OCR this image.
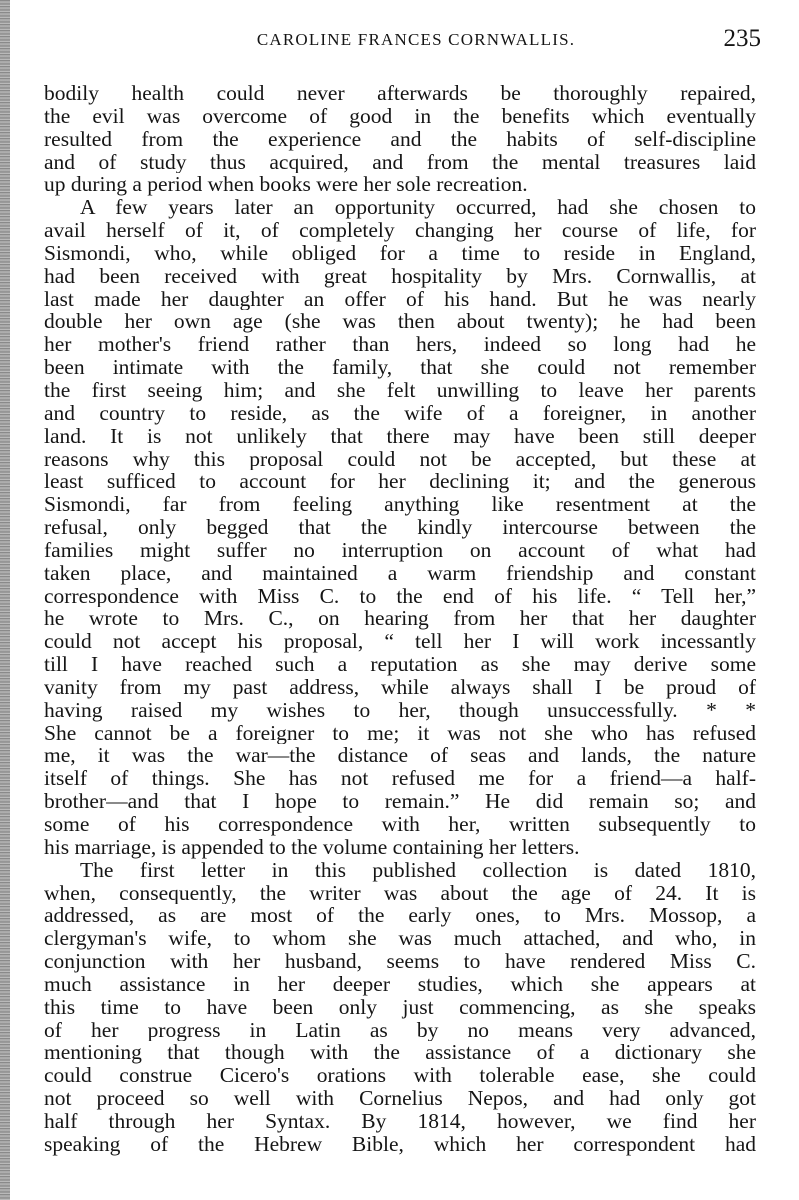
CAROLINE FRANCES CORNWALLIS.	235
bodily health could never afterwards be thoroughly repaired,
the evil was overcome of good in the benefits which eventually
resulted from the experience and the habits of self-discipline
and of study thus acquired, and from the mental treasures laid
up during a period when books were her sole recreation.
A few years later an opportunity occurred, had she chosen to
avail herself of it, of completely changing her course of life, for
Sismondi, who, while obliged for a time to reside in England,
had been received with great hospitality by Mrs. Cornwallis, at
last made her daughter an offer of his hand. But he was nearly
double her own age (she was then about twenty); he had been
her mother's friend rather than hers, indeed so long had he
been intimate with the family, that she could not remember
the first seeing him; and she felt unwilling to leave her parents
and country to reside, as the wife of a foreigner, in another
land. It is not unlikely that there may have been still deeper
reasons why this proposal could not be accepted, but these at
least sufficed to account for her declining it; and the generous
Sismondi, far from feeling anything like resentment at the
refusal, only begged that the kindly intercourse between the
families might suffer no interruption on account of what had
taken place, and maintained a warm friendship and constant
correspondence with Miss C. to the end of his life. “ Tell her,”
he wrote to Mrs. C., on hearing from her that her daughter
could not accept his proposal, “ tell her I will work incessantly
till I have reached such a reputation as she may derive some
vanity from my past address, while always shall I be proud of
having raised my wishes to her, though unsuccessfully. * *
She cannot be a foreigner to me; it was not she who has refused
me, it was the war—the distance of seas and lands, the nature
itself of things. She has not refused me for a friend—a half-
brother—and that I hope to remain.” He did remain so; and
some of his correspondence with her, written subsequently to
his marriage, is appended to the volume containing her letters.
The first letter in this published collection is dated 1810,
when, consequently, the writer was about the age of 24. It is
addressed, as are most of the early ones, to Mrs. Mossop, a
clergyman's wife, to whom she was much attached, and who, in
conjunction with her husband, seems to have rendered Miss C.
much assistance in her deeper studies, which she appears at
this time to have been only just commencing, as she speaks
of her progress in Latin as by no means very advanced,
mentioning that though with the assistance of a dictionary she
could construe Cicero's orations with tolerable ease, she could
not proceed so well with Cornelius Nepos, and had only got
half through her Syntax. By 1814, however, we find her
speaking of the Hebrew Bible, which her correspondent had
